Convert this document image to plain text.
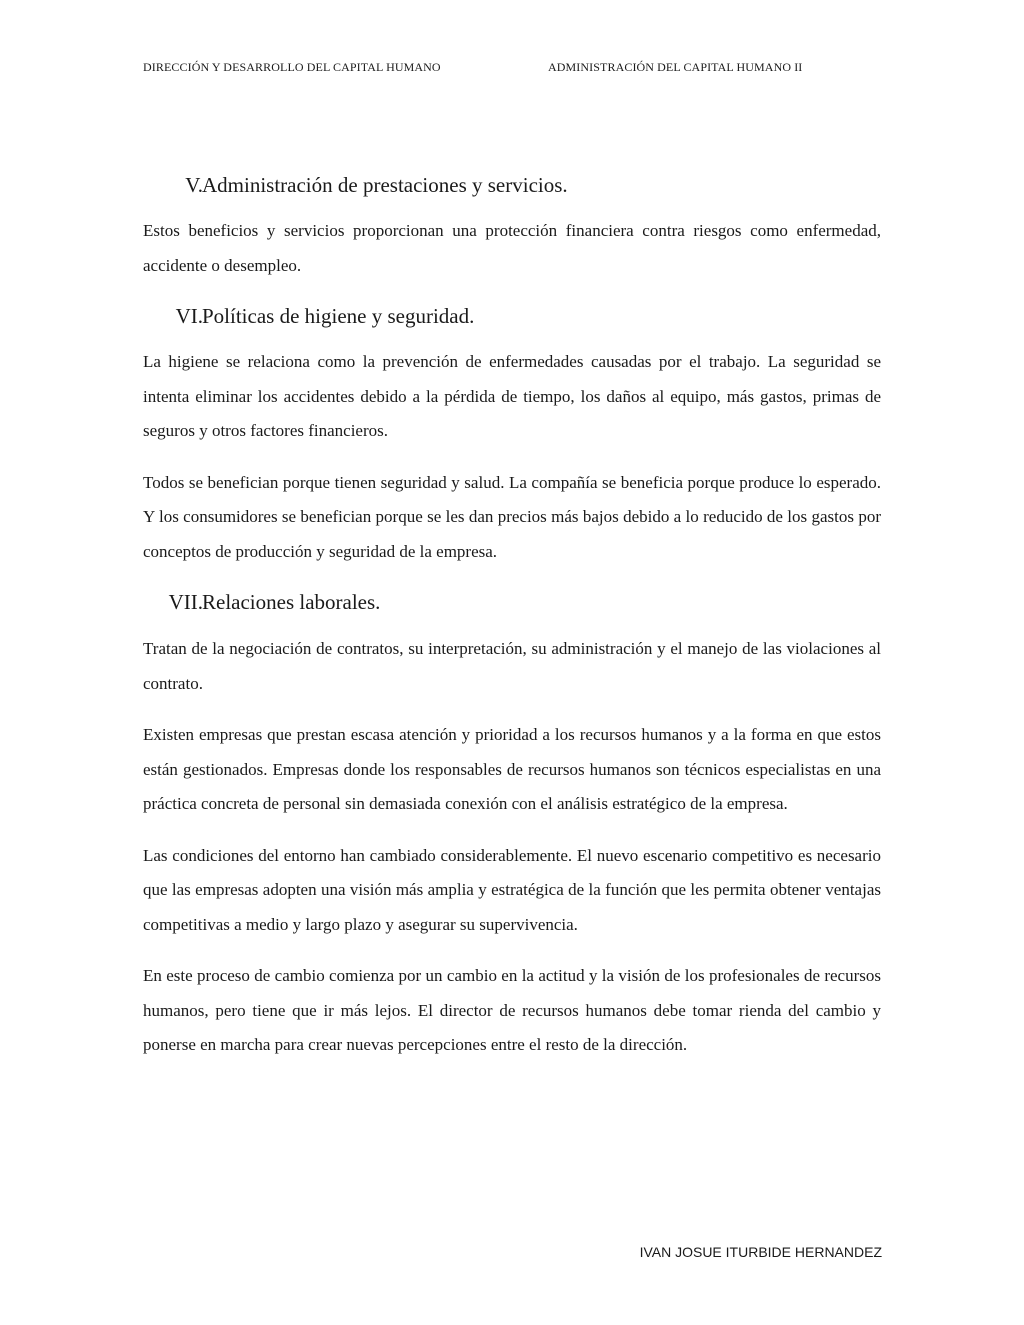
DIRECCIÓN Y DESARROLLO DEL CAPITAL HUMANO	ADMINISTRACIÓN DEL CAPITAL HUMANO II
V. Administración de prestaciones y servicios.

Estos beneficios y servicios proporcionan una protección financiera contra riesgos como enfermedad, accidente o desempleo.

VI. Políticas de higiene y seguridad.

La higiene se relaciona como la prevención de enfermedades causadas por el trabajo. La seguridad se intenta eliminar los accidentes debido a la pérdida de tiempo, los daños al equipo, más gastos, primas de seguros y otros factores financieros.

Todos se benefician porque tienen seguridad y salud. La compañía se beneficia porque produce lo esperado. Y los consumidores se benefician porque se les dan precios más bajos debido a lo reducido de los gastos por conceptos de producción y seguridad de la empresa.

VII. Relaciones laborales.

Tratan de la negociación de contratos, su interpretación, su administración y el manejo de las violaciones al contrato.

Existen empresas que prestan escasa atención y prioridad a los recursos humanos y a la forma en que estos están gestionados. Empresas donde los responsables de recursos humanos son técnicos especialistas en una práctica concreta de personal sin demasiada conexión con el análisis estratégico de la empresa.

Las condiciones del entorno han cambiado considerablemente. El nuevo escenario competitivo es necesario que las empresas adopten una visión más amplia y estratégica de la función que les permita obtener ventajas competitivas a medio y largo plazo y asegurar su supervivencia.

En este proceso de cambio comienza por un cambio en la actitud y la visión de los profesionales de recursos humanos, pero tiene que ir más lejos. El director de recursos humanos debe tomar rienda del cambio y ponerse en marcha para crear nuevas percepciones entre el resto de la dirección.

IVAN JOSUE ITURBIDE HERNANDEZ
